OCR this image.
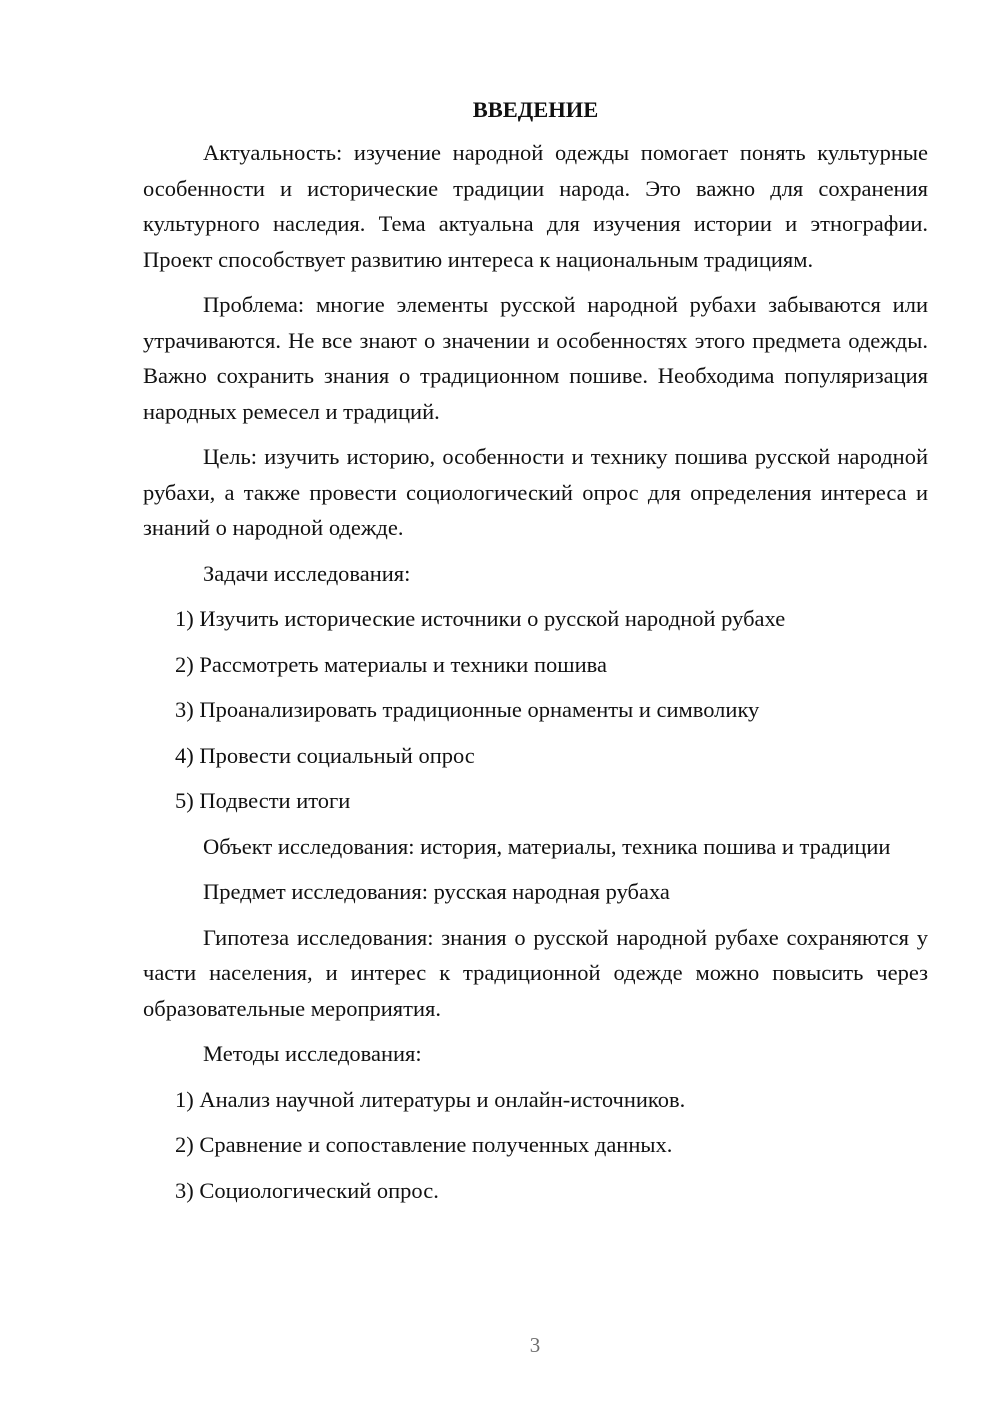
ВВЕДЕНИЕ

Актуальность: изучение народной одежды помогает понять культурные особенности и исторические традиции народа. Это важно для сохранения культурного наследия. Тема актуальна для изучения истории и этнографии. Проект способствует развитию интереса к национальным традициям.

Проблема: многие элементы русской народной рубахи забываются или утрачиваются. Не все знают о значении и особенностях этого предмета одежды. Важно сохранить знания о традиционном пошиве. Необходима популяризация народных ремесел и традиций.

Цель: изучить историю, особенности и технику пошива русской народной рубахи, а также провести социологический опрос для определения интереса и знаний о народной одежде.

Задачи исследования:

1) Изучить исторические источники о русской народной рубахе
2) Рассмотреть материалы и техники пошива
3) Проанализировать традиционные орнаменты и символику
4) Провести социальный опрос
5) Подвести итоги

Объект исследования: история, материалы, техника пошива и традиции

Предмет исследования: русская народная рубаха

Гипотеза исследования: знания о русской народной рубахе сохраняются у части населения, и интерес к традиционной одежде можно повысить через образовательные мероприятия.

Методы исследования:

1) Анализ научной литературы и онлайн-источников.
2) Сравнение и сопоставление полученных данных.
3) Социологический опрос.
3
